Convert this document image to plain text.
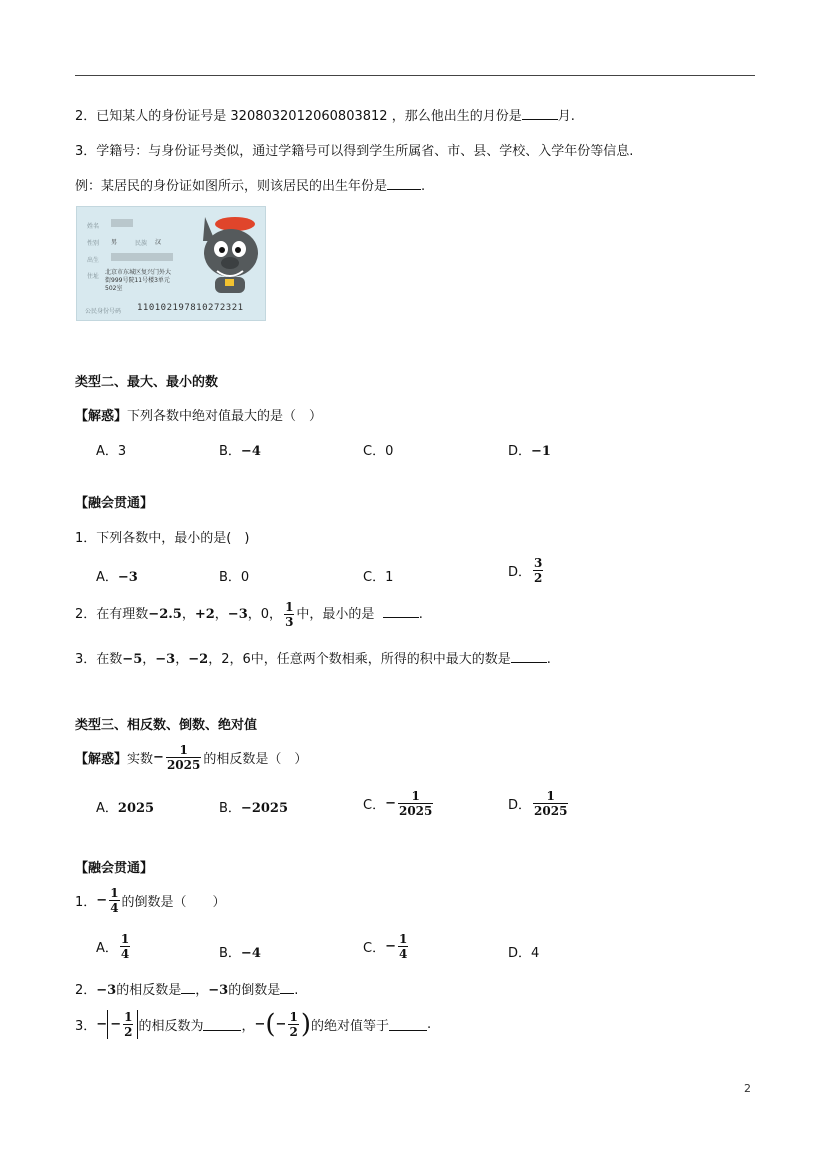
2．已知某人的身份证号是 320803201206080381​2 ，那么他出生的月份是	月.
3．学籍号：与身份证号类似，通过学籍号可以得到学生所属省、市、县、学校、入学年份等信息.
例：某居民的身份证如图所示，则该居民的出生年份是	.
姓名
性别 男	民族 汉
出生
住址
北京市东城区复兴门外大
街999号院11号楼3单元
502室
公民身份号码 110102197810272321
类型二、最大、最小的数
【解惑】下列各数中绝对值最大的是（　）
A．3	B．−4	C．0	D．−1
【融会贯通】
1．下列各数中，最小的是(　)
A．−3	B．0	C．1	D． $\frac{3}{2}$
2．在有理数−2.5，+2，−3，0， $\frac{1}{3}$ 中，最小的是	.
3．在数−5，−3，−2，2，6中，任意两个数相乘，所得的积中最大的数是	.
类型三、相反数、倒数、绝对值
【解惑】实数− $\frac{1}{2025}$ 的相反数是（　）
A．2025	B．−2025	C．− $\frac{1}{2025}$	D． $\frac{1}{2025}$
【融会贯通】
1．− $\frac{1}{4}$ 的倒数是（　　）
A． $\frac{1}{4}$	B．−4	C．− $\frac{1}{4}$	D．4
2．−3的相反数是 ，−3的倒数是 .
3．− − $\frac{1}{2}$ 的相反数为	，−(− $\frac{1}{2}$ )的绝对值等于	.
2
